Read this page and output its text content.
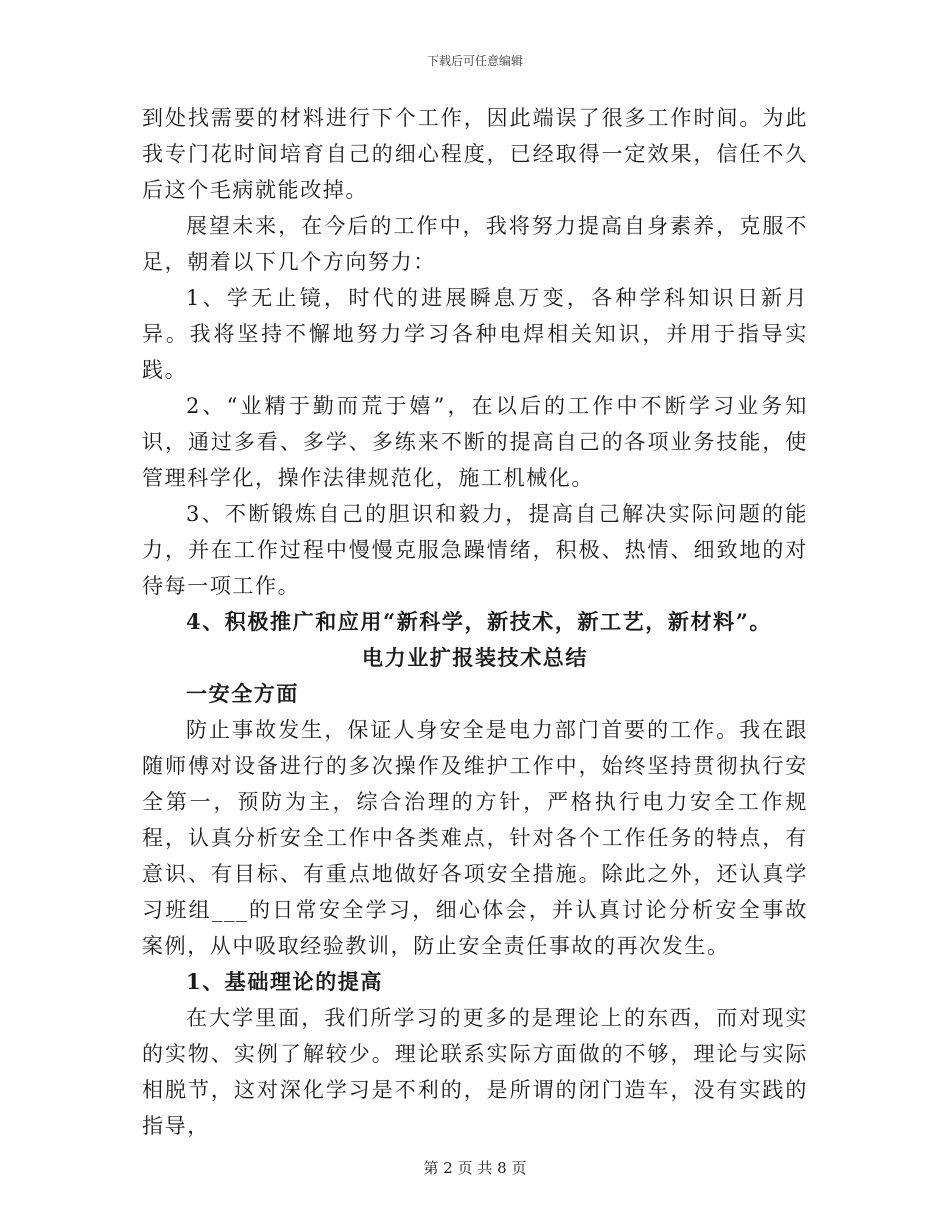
下载后可任意编辑

到处找需要的材料进行下个工作，因此端误了很多工作时间。为此我专门花时间培育自己的细心程度，已经取得一定效果，信任不久后这个毛病就能改掉。

展望未来，在今后的工作中，我将努力提高自身素养，克服不足，朝着以下几个方向努力：

1、学无止镜，时代的进展瞬息万变，各种学科知识日新月异。我将坚持不懈地努力学习各种电焊相关知识，并用于指导实践。

2、“业精于勤而荒于嬉”，在以后的工作中不断学习业务知识，通过多看、多学、多练来不断的提高自己的各项业务技能，使管理科学化，操作法律规范化，施工机械化。

3、不断锻炼自己的胆识和毅力，提高自己解决实际问题的能力，并在工作过程中慢慢克服急躁情绪，积极、热情、细致地的对待每一项工作。

4、积极推广和应用“新科学，新技术，新工艺，新材料”。

电力业扩报装技术总结

一安全方面

防止事故发生，保证人身安全是电力部门首要的工作。我在跟随师傅对设备进行的多次操作及维护工作中，始终坚持贯彻执行安全第一，预防为主，综合治理的方针，严格执行电力安全工作规程，认真分析安全工作中各类难点，针对各个工作任务的特点，有意识、有目标、有重点地做好各项安全措施。除此之外，还认真学习班组___的日常安全学习，细心体会，并认真讨论分析安全事故案例，从中吸取经验教训，防止安全责任事故的再次发生。

1、基础理论的提高

在大学里面，我们所学习的更多的是理论上的东西，而对现实的实物、实例了解较少。理论联系实际方面做的不够，理论与实际相脱节，这对深化学习是不利的，是所谓的闭门造车，没有实践的指导，

第 2 页 共 8 页
